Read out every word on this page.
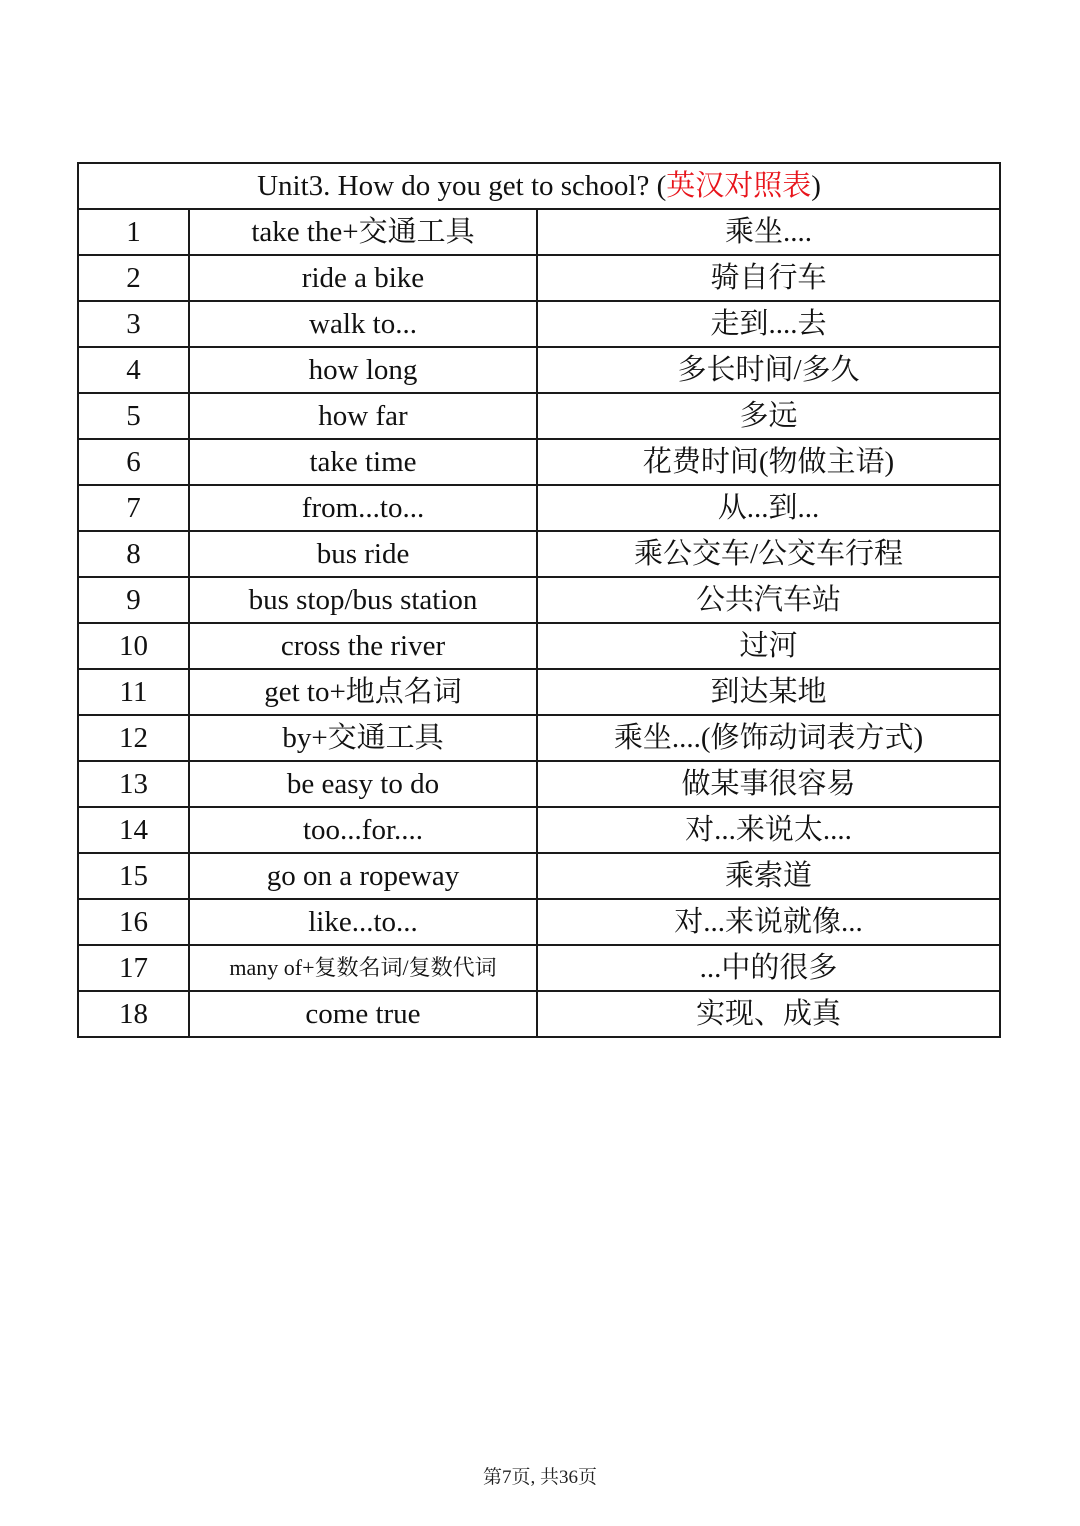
Unit3. How do you get to school? (英汉对照表)		
1	take the+交通工具	乘坐....
2	ride a bike	骑自行车
3	walk to...	走到....去
4	how long	多长时间/多久
5	how far	多远
6	take time	花费时间(物做主语)
7	from...to...	从...到...
8	bus ride	乘公交车/公交车行程
9	bus stop/bus station	公共汽车站
10	cross the river	过河
11	get to+地点名词	到达某地
12	by+交通工具	乘坐....(修饰动词表方式)
13	be easy to do	做某事很容易
14	too...for....	对...来说太....
15	go on a ropeway	乘索道
16	like...to...	对...来说就像...
17	many of+复数名词/复数代词	...中的很多
18	come true	实现、成真
第7页, 共36页
